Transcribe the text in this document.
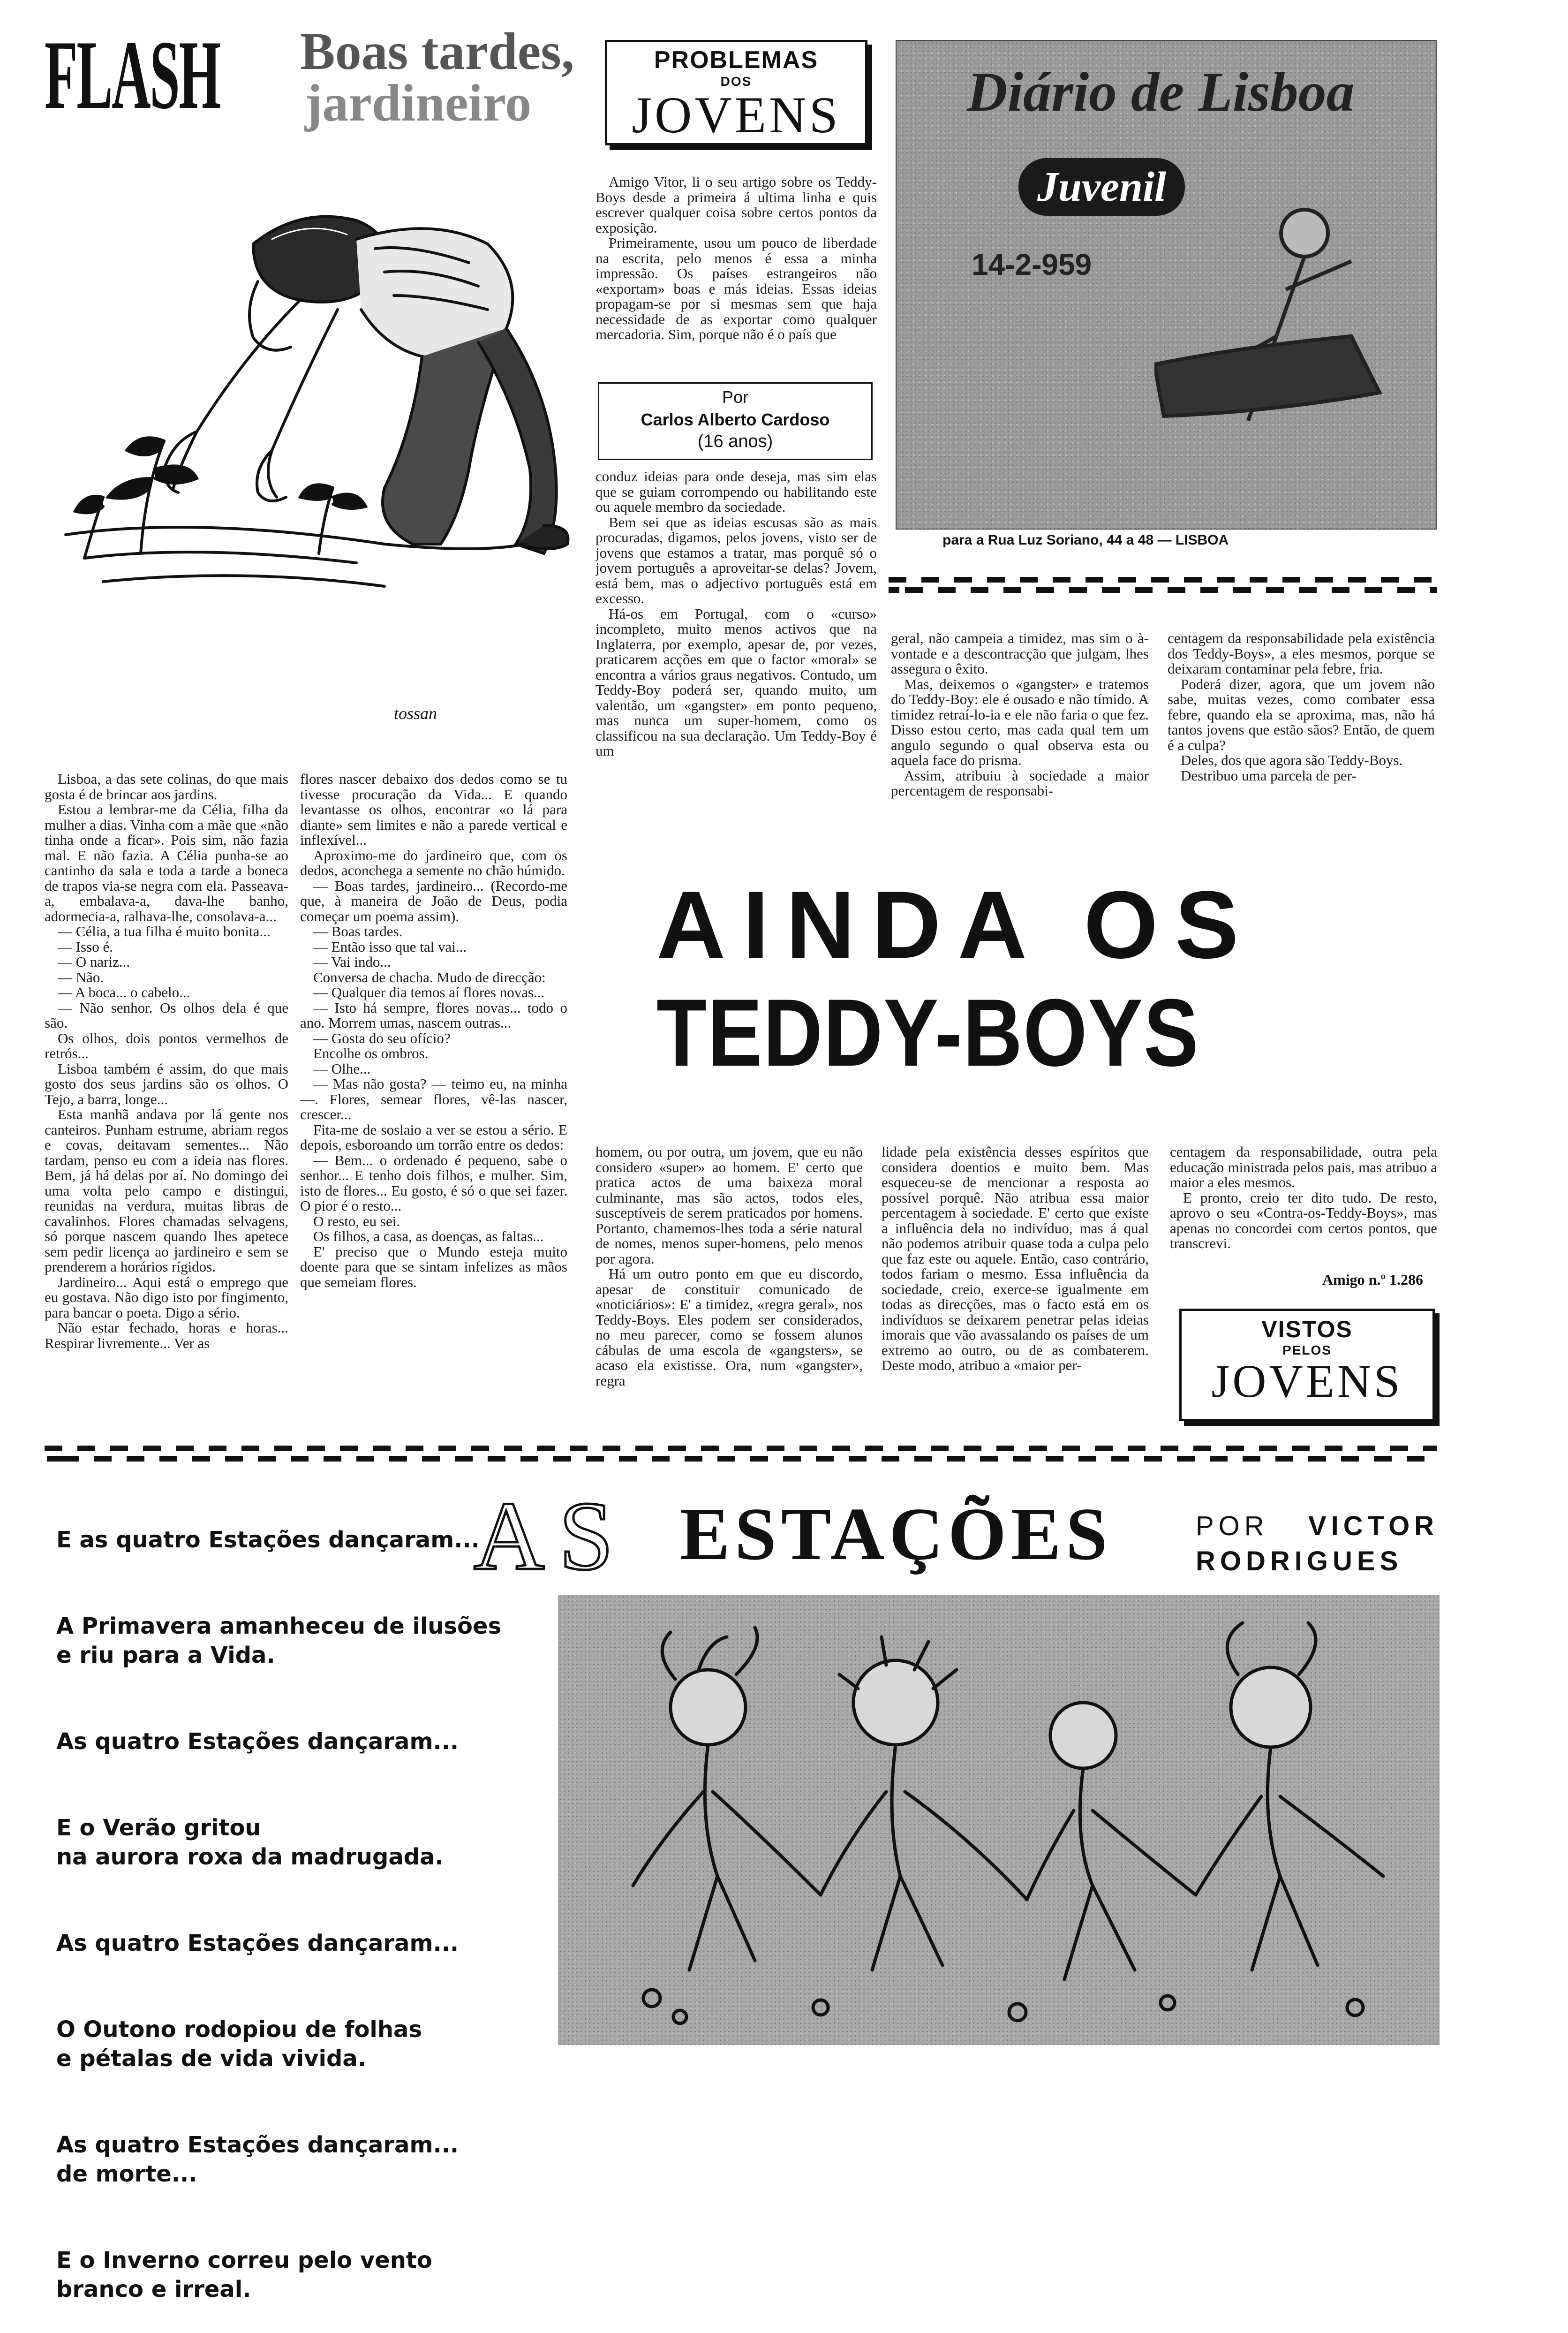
FLASH Boas tardes,
jardineiro
tossan

Lisboa, a das sete colinas, do que mais gosta é de brincar aos jardins.

Estou a lembrar-me da Célia, filha da mulher a dias. Vinha com a mãe que «não tinha onde a ficar». Pois sim, não fazia mal. E não fazia. A Célia punha-se ao cantinho da sala e toda a tarde a boneca de trapos via-se negra com ela. Passeava-a, embalava-a, dava-lhe banho, adormecia-a, ralhava-lhe, consolava-a...

— Célia, a tua filha é muito bonita...

— Isso é.

— O nariz...

— Não.

— A boca... o cabelo...

— Não senhor. Os olhos dela é que são.

Os olhos, dois pontos vermelhos de retrós...

Lisboa também é assim, do que mais gosto dos seus jardins são os olhos. O Tejo, a barra, longe...

Esta manhã andava por lá gente nos canteiros. Punham estrume, abriam regos e covas, deitavam sementes... Não tardam, penso eu com a ideia nas flores. Bem, já há delas por aí. No domingo dei uma volta pelo campo e distingui, reunidas na verdura, muitas libras de cavalinhos. Flores chamadas selvagens, só porque nascem quando lhes apetece sem pedir licença ao jardineiro e sem se prenderem a horários rígidos.

Jardineiro... Aqui está o emprego que eu gostava. Não digo isto por fingimento, para bancar o poeta. Digo a sério.

Não estar fechado, horas e horas... Respirar livremente... Ver as

flores nascer debaixo dos dedos como se tu tivesse procuração da Vida... E quando levantasse os olhos, encontrar «o lá para diante» sem limites e não a parede vertical e inflexível...

Aproximo-me do jardineiro que, com os dedos, aconchega a semente no chão húmido.

— Boas tardes, jardineiro... (Recordo-me que, à maneira de João de Deus, podia começar um poema assim).

— Boas tardes.

— Então isso que tal vai...

— Vai indo...

Conversa de chacha. Mudo de direcção:

— Qualquer dia temos aí flores novas...

— Isto há sempre, flores novas... todo o ano. Morrem umas, nascem outras...

— Gosta do seu ofício?

Encolhe os ombros.

— Olhe...

— Mas não gosta? — teimo eu, na minha —. Flores, semear flores, vê-las nascer, crescer...

Fita-me de soslaio a ver se estou a sério. E depois, esboroando um torrão entre os dedos:

— Bem... o ordenado é pequeno, sabe o senhor... E tenho dois filhos, e mulher. Sim, isto de flores... Eu gosto, é só o que sei fazer. O pior é o resto...

O resto, eu sei.

Os filhos, a casa, as doenças, as faltas...

E' preciso que o Mundo esteja muito doente para que se sintam infelizes as mãos que semeiam flores.

PROBLEMAS
DOS
JOVENS

Amigo Vitor, li o seu artigo sobre os Teddy-Boys desde a primeira á ultima linha e quis escrever qualquer coisa sobre certos pontos da exposição.

Primeiramente, usou um pouco de liberdade na escrita, pelo menos é essa a minha impressão. Os países estrangeiros não «exportam» boas e más ideias. Essas ideias propagam-se por si mesmas sem que haja necessidade de as exportar como qualquer mercadoria. Sim, porque não é o país que

Por
Carlos Alberto Cardoso
(16 anos)

conduz ideias para onde deseja, mas sim elas que se guiam corrompendo ou habilitando este ou aquele membro da sociedade.

Bem sei que as ideias escusas são as mais procuradas, digamos, pelos jovens, visto ser de jovens que estamos a tratar, mas porquê só o jovem português a aproveitar-se delas? Jovem, está bem, mas o adjectivo português está em excesso.

Há-os em Portugal, com o «curso» incompleto, muito menos activos que na Inglaterra, por exemplo, apesar de, por vezes, praticarem acções em que o factor «moral» se encontra a vários graus negativos. Contudo, um Teddy-Boy poderá ser, quando muito, um valentão, um «gangster» em ponto pequeno, mas nunca um super-homem, como os classificou na sua declaração. Um Teddy-Boy é um

Diário de Lisboa
Juvenil
14-2-959
para a Rua Luz Soriano, 44 a 48 — LISBOA

geral, não campeia a timidez, mas sim o à-vontade e a descontracção que julgam, lhes assegura o êxito.

Mas, deixemos o «gangster» e tratemos do Teddy-Boy: ele é ousado e não tímido. A timidez retraí-lo-ia e ele não faria o que fez. Disso estou certo, mas cada qual tem um angulo segundo o qual observa esta ou aquela face do prisma.

Assim, atribuiu à sociedade a maior percentagem de responsabi-

centagem da responsabilidade pela existência dos Teddy-Boys», a eles mesmos, porque se deixaram contaminar pela febre, fria.

Poderá dizer, agora, que um jovem não sabe, muitas vezes, como combater essa febre, quando ela se aproxima, mas, não há tantos jovens que estão sãos? Então, de quem é a culpa?

Deles, dos que agora são Teddy-Boys.

Destribuo uma parcela de per-

AINDA OS
TEDDY-BOYS

homem, ou por outra, um jovem, que eu não considero «super» ao homem. E' certo que pratica actos de uma baixeza moral culminante, mas são actos, todos eles, susceptíveis de serem praticados por homens. Portanto, chamemos-lhes toda a série natural de nomes, menos super-homens, pelo menos por agora.

Há um outro ponto em que eu discordo, apesar de constituir comunicado de «noticiários»: E' a timidez, «regra geral», nos Teddy-Boys. Eles podem ser considerados, no meu parecer, como se fossem alunos cábulas de uma escola de «gangsters», se acaso ela existisse. Ora, num «gangster», regra

lidade pela existência desses espíritos que considera doentios e muito bem. Mas esqueceu-se de mencionar a resposta ao possível porquê. Não atribua essa maior percentagem à sociedade. E' certo que existe a influência dela no indivíduo, mas á qual não podemos atribuir quase toda a culpa pelo que faz este ou aquele. Então, caso contrário, todos fariam o mesmo. Essa influência da sociedade, creio, exerce-se igualmente em todas as direcções, mas o facto está em os indivíduos se deixarem penetrar pelas ideias imorais que vão avassalando os países de um extremo ao outro, ou de as combaterem. Deste modo, atribuo a «maior per-

centagem da responsabilidade, outra pela educação ministrada pelos pais, mas atribuo a maior a eles mesmos.

E pronto, creio ter dito tudo. De resto, aprovo o seu «Contra-os-Teddy-Boys», mas apenas no concordei com certos pontos, que transcrevi.

Amigo n.º 1.286
VISTOS
PELOS
JOVENS
AS ESTAÇÕES	POR VICTOR
RODRIGUES

E as quatro Estações dançaram...

A Primavera amanheceu de ilusões
e riu para a Vida.

As quatro Estações dançaram...

E o Verão gritou
na aurora roxa da madrugada.

As quatro Estações dançaram...

O Outono rodopiou de folhas
e pétalas de vida vivida.

As quatro Estações dançaram...
de morte...

E o Inverno correu pelo vento
branco e irreal.
